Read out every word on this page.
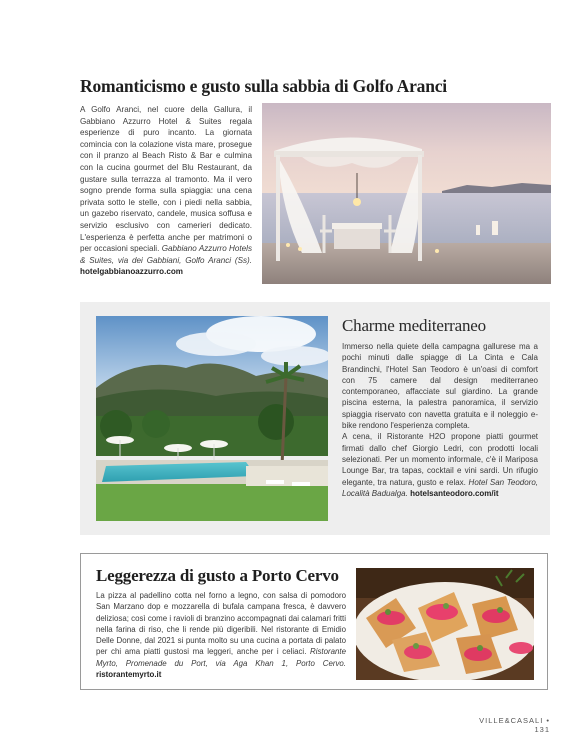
Romanticismo e gusto sulla sabbia di Golfo Aranci
A Golfo Aranci, nel cuore della Gallura, il Gabbiano Azzurro Hotel & Suites regala esperienze di puro incanto. La giornata comincia con la colazione vista mare, prosegue con il pranzo al Beach Risto & Bar e culmina con la cucina gourmet del Blu Restaurant, da gustare sulla terrazza al tramonto. Ma il vero sogno prende forma sulla spiaggia: una cena privata sotto le stelle, con i piedi nella sabbia, un gazebo riservato, candele, musica soffusa e servizio esclusivo con camerieri dedicato. L'esperienza è perfetta anche per matrimoni o per occasioni speciali. Gabbiano Azzurro Hotels & Suites, via dei Gabbiani, Golfo Aranci (Ss). hotelgabbianoazzurro.com
Charme mediterraneo
Immerso nella quiete della campagna gallurese ma a pochi minuti dalle spiagge di La Cinta e Cala Brandinchi, l'Hotel San Teodoro è un'oasi di comfort con 75 camere dal design mediterraneo contemporaneo, affacciate sul giardino. La grande piscina esterna, la palestra panoramica, il servizio spiaggia riservato con navetta gratuita e il noleggio e-bike rendono l'esperienza completa.
A cena, il Ristorante H2O propone piatti gourmet firmati dallo chef Giorgio Ledri, con prodotti locali selezionati. Per un momento informale, c'è il Mariposa Lounge Bar, tra tapas, cocktail e vini sardi. Un rifugio elegante, tra natura, gusto e relax. Hotel San Teodoro, Località Badualga. hotelsanteodoro.com/it
Leggerezza di gusto a Porto Cervo
La pizza al padellino cotta nel forno a legno, con salsa di pomodoro San Marzano dop e mozzarella di bufala campana fresca, è davvero deliziosa; così come i ravioli di branzino accompagnati dai calamari fritti nella farina di riso, che li rende più digeribili. Nel ristorante di Emidio Delle Donne, dal 2021 si punta molto su una cucina a portata di palato per chi ama piatti gustosi ma leggeri, anche per i celiaci. Ristorante Myrto, Promenade du Port, via Aga Khan 1, Porto Cervo. ristorantemyrto.it
VILLE&CASALI • 131
